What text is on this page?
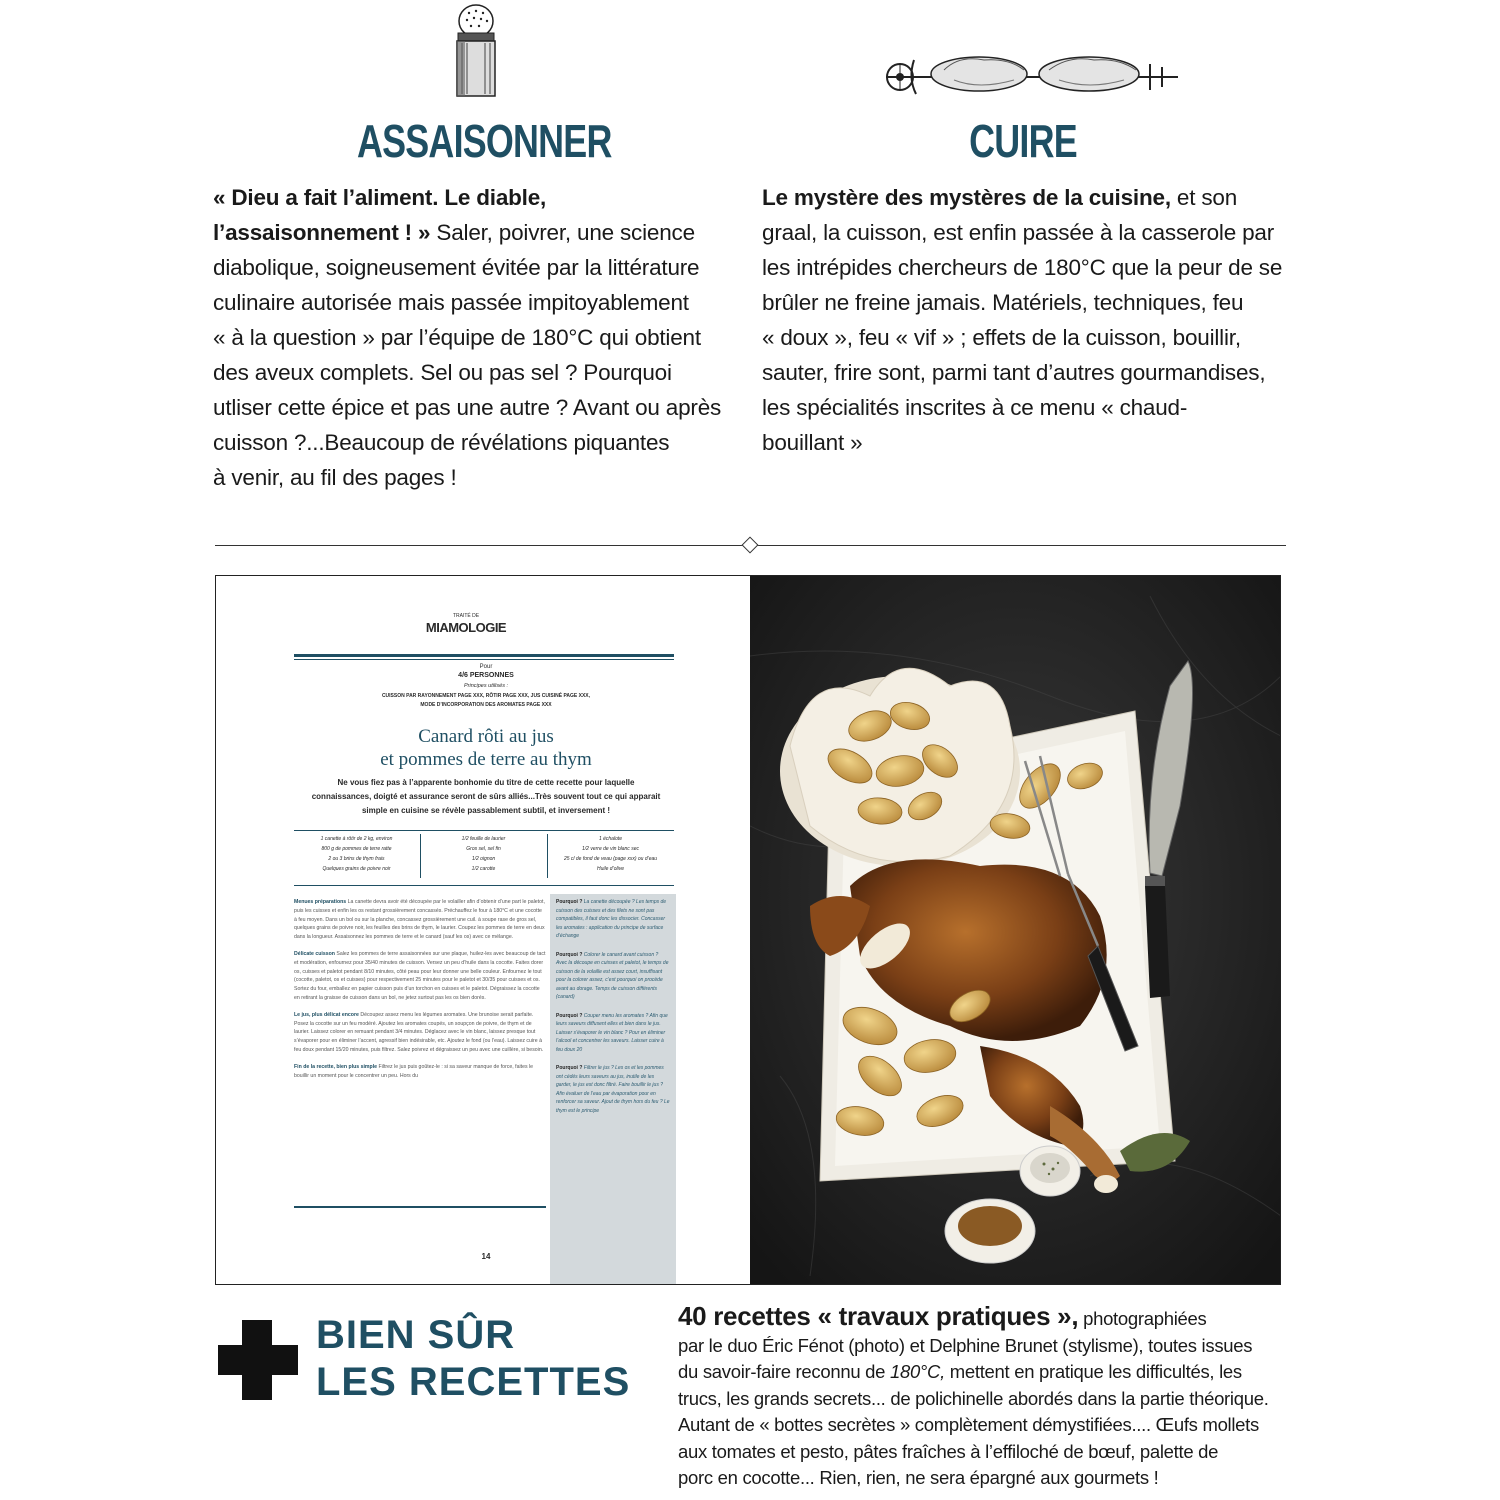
ASSAISONNER
« Dieu a fait l’aliment. Le diable,
l’assaisonnement ! » Saler, poivrer, une science
diabolique, soigneusement évitée par la littérature
culinaire autorisée mais passée impitoyablement
« à la question » par l’équipe de 180°C qui obtient
des aveux complets. Sel ou pas sel ? Pourquoi
utliser cette épice et pas une autre ? Avant ou après
cuisson ?...Beaucoup de révélations piquantes
à venir, au fil des pages !
CUIRE
Le mystère des mystères de la cuisine, et son
graal, la cuisson, est enfin passée à la casserole par
les intrépides chercheurs de 180°C que la peur de se
brûler ne freine jamais. Matériels, techniques, feu
« doux », feu « vif » ; effets de la cuisson, bouillir,
sauter, frire sont, parmi tant d’autres gourmandises,
les spécialités inscrites à ce menu « chaud-
bouillant »
TRAITÉ DE
MIAMOLOGIE
Pour
4/6 PERSONNES
Principes utilisés :
CUISSON PAR RAYONNEMENT PAGE XXX, RÔTIR PAGE XXX, JUS CUISINÉ PAGE XXX,
MODE D’INCORPORATION DES AROMATES PAGE XXX
Canard rôti au jus
et pommes de terre au thym
Ne vous fiez pas à l’apparente bonhomie du titre de cette recette pour laquelle
connaissances, doigté et assurance seront de sûrs alliés...Très souvent tout ce qui apparait
simple en cuisine se révèle passablement subtil, et inversement !
1 canette à rôtir de 2 kg, environ	1/2 feuille de laurier	1 échalote
800 g de pommes de terre ratte	Gros sel, sel fin	1/2 verre de vin blanc sec
2 ou 3 brins de thym frais	1/2 oignon	25 cl de fond de veau (page xxx) ou d’eau
Quelques grains de poivre noir	1/2 carotte	Huile d’olive
Menues préparations La canette devra avoir été découpée par le volailler afin d’obtenir d’une part le paletot, puis les cuisses et enfin les os restant grossièrement concassés. Préchauffez le four à 180°C et une cocotte à feu moyen. Dans un bol ou sur la planche, concassez grossièrement une cuil. à soupe rase de gros sel, quelques grains de poivre noir, les feuilles des brins de thym, le laurier. Coupez les pommes de terre en deux dans la longueur. Assaisonnez les pommes de terre et le canard (sauf les os) avec ce mélange.
Délicate cuisson Salez les pommes de terre assaisonnées sur une plaque, huilez-les avec beaucoup de tact et modération, enfournez pour 35/40 minutes de cuisson. Versez un peu d’huile dans la cocotte. Faites dorer os, cuisses et paletot pendant 8/10 minutes, côté peau pour leur donner une belle couleur. Enfournez le tout (cocotte, paletot, os et cuisses) pour respectivement 25 minutes pour le paletot et 30/35 pour cuisses et os. Sortez du four, emballez en papier cuisson puis d’un torchon en cuisses et le paletot. Dégraissez la cocotte en retirant la graisse de cuisson dans un bol, ne jetez surtout pas les os bien dorés.
Le jus, plus délicat encore Découpez assez menu les légumes aromates. Une brunoise serait parfaite. Posez la cocotte sur un feu modéré. Ajoutez les aromates coupés, un soupçon de poivre, de thym et de laurier. Laissez colorer en remuant pendant 3/4 minutes. Déglacez avec le vin blanc, laissez presque tout s’évaporer pour en éliminer l’accent, agressif bien indésirable, etc. Ajoutez le fond (ou l’eau). Laissez cuire à feu doux pendant 15/20 minutes, puis filtrez. Salez poivrez et dégraissez un peu avec une cuillère, si besoin.
Fin de la recette, bien plus simple Filtrez le jus puis goûtez-le : si sa saveur manque de force, faites le bouillir un moment pour le concentrer un peu. Hors du
Pourquoi ? La canette découpée ? Les temps de cuisson des cuisses et des filets ne sont pas compatibles, il faut donc les dissocier. Concasser les aromates : application du principe de surface d’échange
Pourquoi ? Colorer le canard avant cuisson ? Avec la découpe en cuisses et paletot, le temps de cuisson de la volaille est assez court, insuffisant pour la colorer assez, c’est pourquoi on procède avant au dorage. Temps de cuisson différents (canard)
Pourquoi ? Couper menu les aromates ? Afin que leurs saveurs diffusent elles et bien dans le jus. Laisser s’évaporer le vin blanc ? Pour en éliminer l’alcool et concentrer les saveurs. Laisser cuire à feu doux 20
Pourquoi ? Filtrer le jus ? Les os et les pommes ont cédés leurs saveurs au jus, inutile de les garder, le jus est donc filtré. Faire bouillir le jus ? Afin évaluer de l’eau par évaporation pour en renforcer sa saveur. Ajout de thym hors du feu ? Le thym est le principe
14
BIEN SÛR
LES RECETTES
40 recettes « travaux pratiques », photographiées
par le duo Éric Fénot (photo) et Delphine Brunet (stylisme), toutes issues
du savoir-faire reconnu de 180°C, mettent en pratique les difficultés, les
trucs, les grands secrets... de polichinelle abordés dans la partie théorique.
Autant de « bottes secrètes » complètement démystifiées.... Œufs mollets
aux tomates et pesto, pâtes fraîches à l’effiloché de bœuf, palette de
porc en cocotte... Rien, rien, ne sera épargné aux gourmets !
